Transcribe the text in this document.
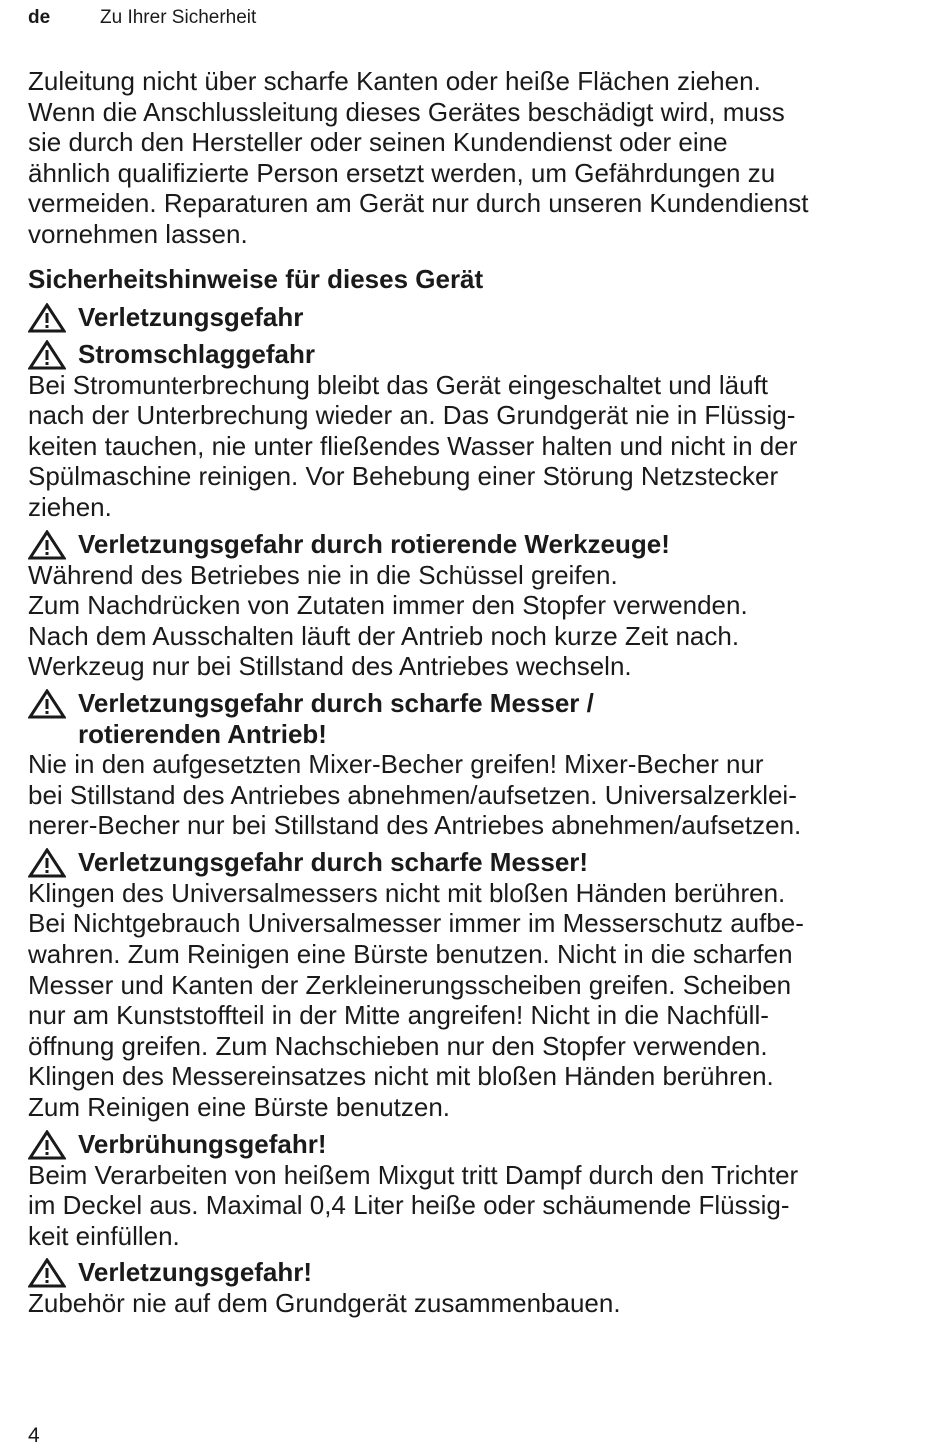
de	Zu Ihrer Sicherheit
Zuleitung nicht über scharfe Kanten oder heiße Flächen ziehen.
Wenn die Anschlussleitung dieses Gerätes beschädigt wird, muss
sie durch den Hersteller oder seinen Kundendienst oder eine
ähnlich qualifizierte Person ersetzt werden, um Gefährdungen zu
vermeiden. Reparaturen am Gerät nur durch unseren Kundendienst
vornehmen lassen.
Sicherheitshinweise für dieses Gerät
Verletzungsgefahr
Stromschlaggefahr
Bei Stromunterbrechung bleibt das Gerät eingeschaltet und läuft
nach der Unterbrechung wieder an. Das Grundgerät nie in Flüssig-
keiten tauchen, nie unter fließendes Wasser halten und nicht in der
Spülmaschine reinigen. Vor Behebung einer Störung Netzstecker
ziehen.
Verletzungsgefahr durch rotierende Werkzeuge!
Während des Betriebes nie in die Schüssel greifen.
Zum Nachdrücken von Zutaten immer den Stopfer verwenden.
Nach dem Ausschalten läuft der Antrieb noch kurze Zeit nach.
Werkzeug nur bei Stillstand des Antriebes wechseln.
Verletzungsgefahr durch scharfe Messer /
rotierenden Antrieb!
Nie in den aufgesetzten Mixer-Becher greifen! Mixer-Becher nur
bei Stillstand des Antriebes abnehmen/aufsetzen. Universalzerklei-
nerer-Becher nur bei Stillstand des Antriebes abnehmen/aufsetzen.
Verletzungsgefahr durch scharfe Messer!
Klingen des Universalmessers nicht mit bloßen Händen berühren.
Bei Nichtgebrauch Universalmesser immer im Messerschutz aufbe-
wahren. Zum Reinigen eine Bürste benutzen. Nicht in die scharfen
Messer und Kanten der Zerkleinerungsscheiben greifen. Scheiben
nur am Kunststoffteil in der Mitte angreifen! Nicht in die Nachfüll-
öffnung greifen. Zum Nachschieben nur den Stopfer verwenden.
Klingen des Messereinsatzes nicht mit bloßen Händen berühren.
Zum Reinigen eine Bürste benutzen.
Verbrühungsgefahr!
Beim Verarbeiten von heißem Mixgut tritt Dampf durch den Trichter
im Deckel aus. Maximal 0,4 Liter heiße oder schäumende Flüssig-
keit einfüllen.
Verletzungsgefahr!
Zubehör nie auf dem Grundgerät zusammenbauen.
4
